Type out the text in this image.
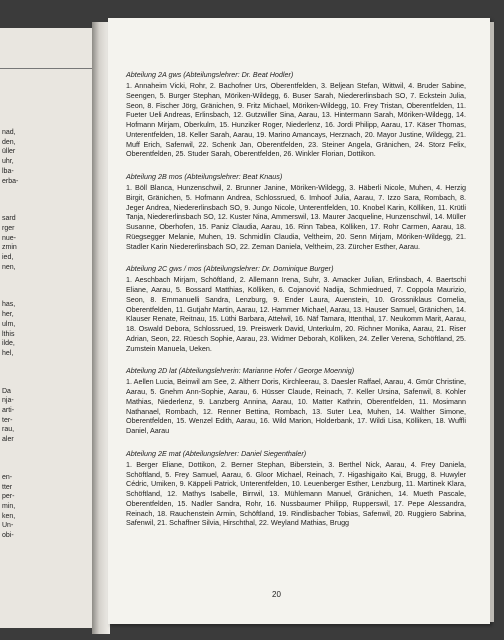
nad,
den,
üller
uhr,
lba-
erba-
sard
rger
nue-
zmin
ied,
nen,
has,
her,
ulm,
lthis
ilde,
hel,
Da
nja-
arti-
ter-
rau,
aler
en-
tter
per-
min,
ken,
Un-
obi-

Abteilung 2A gws (Abteilungslehrer: Dr. Beat Hodler)

1. Annaheim Vicki, Rohr, 2. Bachofner Urs, Oberentfelden, 3. Beljean Stefan, Wittwil, 4. Bruder Sabine, Seengen, 5. Burger Stephan, Möriken-Wildegg, 6. Buser Sarah, Niedererlinsbach SO, 7. Eckstein Julia, Seon, 8. Fischer Jörg, Gränichen, 9. Fritz Michael, Möriken-Wildegg, 10. Frey Tristan, Oberentfelden, 11. Fueter Ueli Andreas, Erlinsbach, 12. Gutzwiller Sina, Aarau, 13. Hintermann Sarah, Möriken-Wildegg, 14. Hofmann Mirjam, Oberkulm, 15. Hunziker Roger, Niederlenz, 16. Jordi Philipp, Aarau, 17. Käser Thomas, Unterentfelden, 18. Keller Sarah, Aarau, 19. Marino Amancays, Herznach, 20. Mayor Justine, Wildegg, 21. Muff Erich, Safenwil, 22. Schenk Jan, Oberentfelden, 23. Steiner Angela, Gränichen, 24. Storz Felix, Oberentfelden, 25. Studer Sarah, Oberentfelden, 26. Winkler Florian, Dottikon.

Abteilung 2B mos (Abteilungslehrer: Beat Knaus)

1. Böll Blanca, Hunzenschwil, 2. Brunner Janine, Möriken-Wildegg, 3. Häberli Nicole, Muhen, 4. Herzig Birgit, Gränichen, 5. Hofmann Andrea, Schlossrued, 6. Imhoof Julia, Aarau, 7. Izzo Sara, Rombach, 8. Jeger Andrea, Niedererlinsbach SO, 9. Jungo Nicole, Unterentfelden, 10. Knobel Karin, Kölliken, 11. Krütli Tanja, Niedererlinsbach SO, 12. Kuster Nina, Ammerswil, 13. Maurer Jacqueline, Hunzenschwil, 14. Müller Susanne, Oberhofen, 15. Paniz Claudia, Aarau, 16. Rinn Tabea, Kölliken, 17. Rohr Carmen, Aarau, 18. Rüegsegger Melanie, Muhen, 19. Schmidlin Claudia, Veltheim, 20. Senn Mirjam, Möriken-Wildegg, 21. Stadler Karin Niedererlinsbach SO, 22. Zeman Daniela, Veltheim, 23. Zürcher Esther, Aarau.

Abteilung 2C gws / mos (Abteilungslehrer: Dr. Dominique Burger)

1. Aeschbach Mirjam, Schöftland, 2. Allemann Irena, Suhr, 3. Amacker Julian, Erlinsbach, 4. Baertschi Eliane, Aarau, 5. Bossard Matthias, Kölliken, 6. Cojanović Nadija, Schmiedrued, 7. Coppola Maurizio, Seon, 8. Emmanuelli Sandra, Lenzburg, 9. Ender Laura, Auenstein, 10. Grossniklaus Cornelia, Oberentfelden, 11. Gutjahr Martin, Aarau, 12. Hammer Michael, Aarau, 13. Hauser Samuel, Gränichen, 14. Klauser Renate, Reitnau, 15. Lüthi Barbara, Attelwil, 16. Näf Tamara, Ittenthal, 17. Neukomm Marit, Aarau, 18. Oswald Debora, Schlossrued, 19. Preiswerk David, Unterkulm, 20. Richner Monika, Aarau, 21. Riser Adrian, Seon, 22. Rüesch Sophie, Aarau, 23. Widmer Deborah, Kölliken, 24. Zeller Verena, Schöftland, 25. Zumstein Manuela, Ueken.

Abteilung 2D lat (Abteilungslehrerin: Marianne Hofer / George Moennig)

1. Aellen Lucia, Beinwil am See, 2. Altherr Doris, Kirchleerau, 3. Daesler Raffael, Aarau, 4. Gmür Christine, Aarau, 5. Gnehm Ann-Sophie, Aarau, 6. Hüsser Claude, Reinach, 7. Keller Ursina, Safenwil, 8. Kohler Mathias, Niederlenz, 9. Lanzberg Annina, Aarau, 10. Matter Kathrin, Oberentfelden, 11. Mosimann Nathanael, Rombach, 12. Renner Bettina, Rombach, 13. Suter Lea, Muhen, 14. Walther Simone, Oberentfelden, 15. Wenzel Edith, Aarau, 16. Wild Marion, Holderbank, 17. Wildi Lisa, Kölliken, 18. Wuffli Daniel, Aarau

Abteilung 2E mat (Abteilungslehrer: Daniel Siegenthaler)

1. Berger Eliane, Dottikon, 2. Berner Stephan, Biberstein, 3. Berthel Nick, Aarau, 4. Frey Daniela, Schöftland, 5. Frey Samuel, Aarau, 6. Gloor Michael, Reinach, 7. Higashigaito Kai, Brugg, 8. Huwyler Cédric, Umiken, 9. Käppeli Patrick, Unterentfelden, 10. Leuenberger Esther, Lenzburg, 11. Martinek Klara, Schöftland, 12. Mathys Isabelle, Birrwil, 13. Mühlemann Manuel, Gränichen, 14. Mueth Pascale, Oberentfelden, 15. Nadler Sandra, Rohr, 16. Nussbaumer Philipp, Rupperswil, 17. Pepe Alessandra, Reinach, 18. Rauchenstein Armin, Schöftland, 19. Rindlisbacher Tobias, Safenwil, 20. Ruggiero Sabrina, Safenwil, 21. Schaffner Silvia, Hirschthal, 22. Weyland Mathias, Brugg

20
